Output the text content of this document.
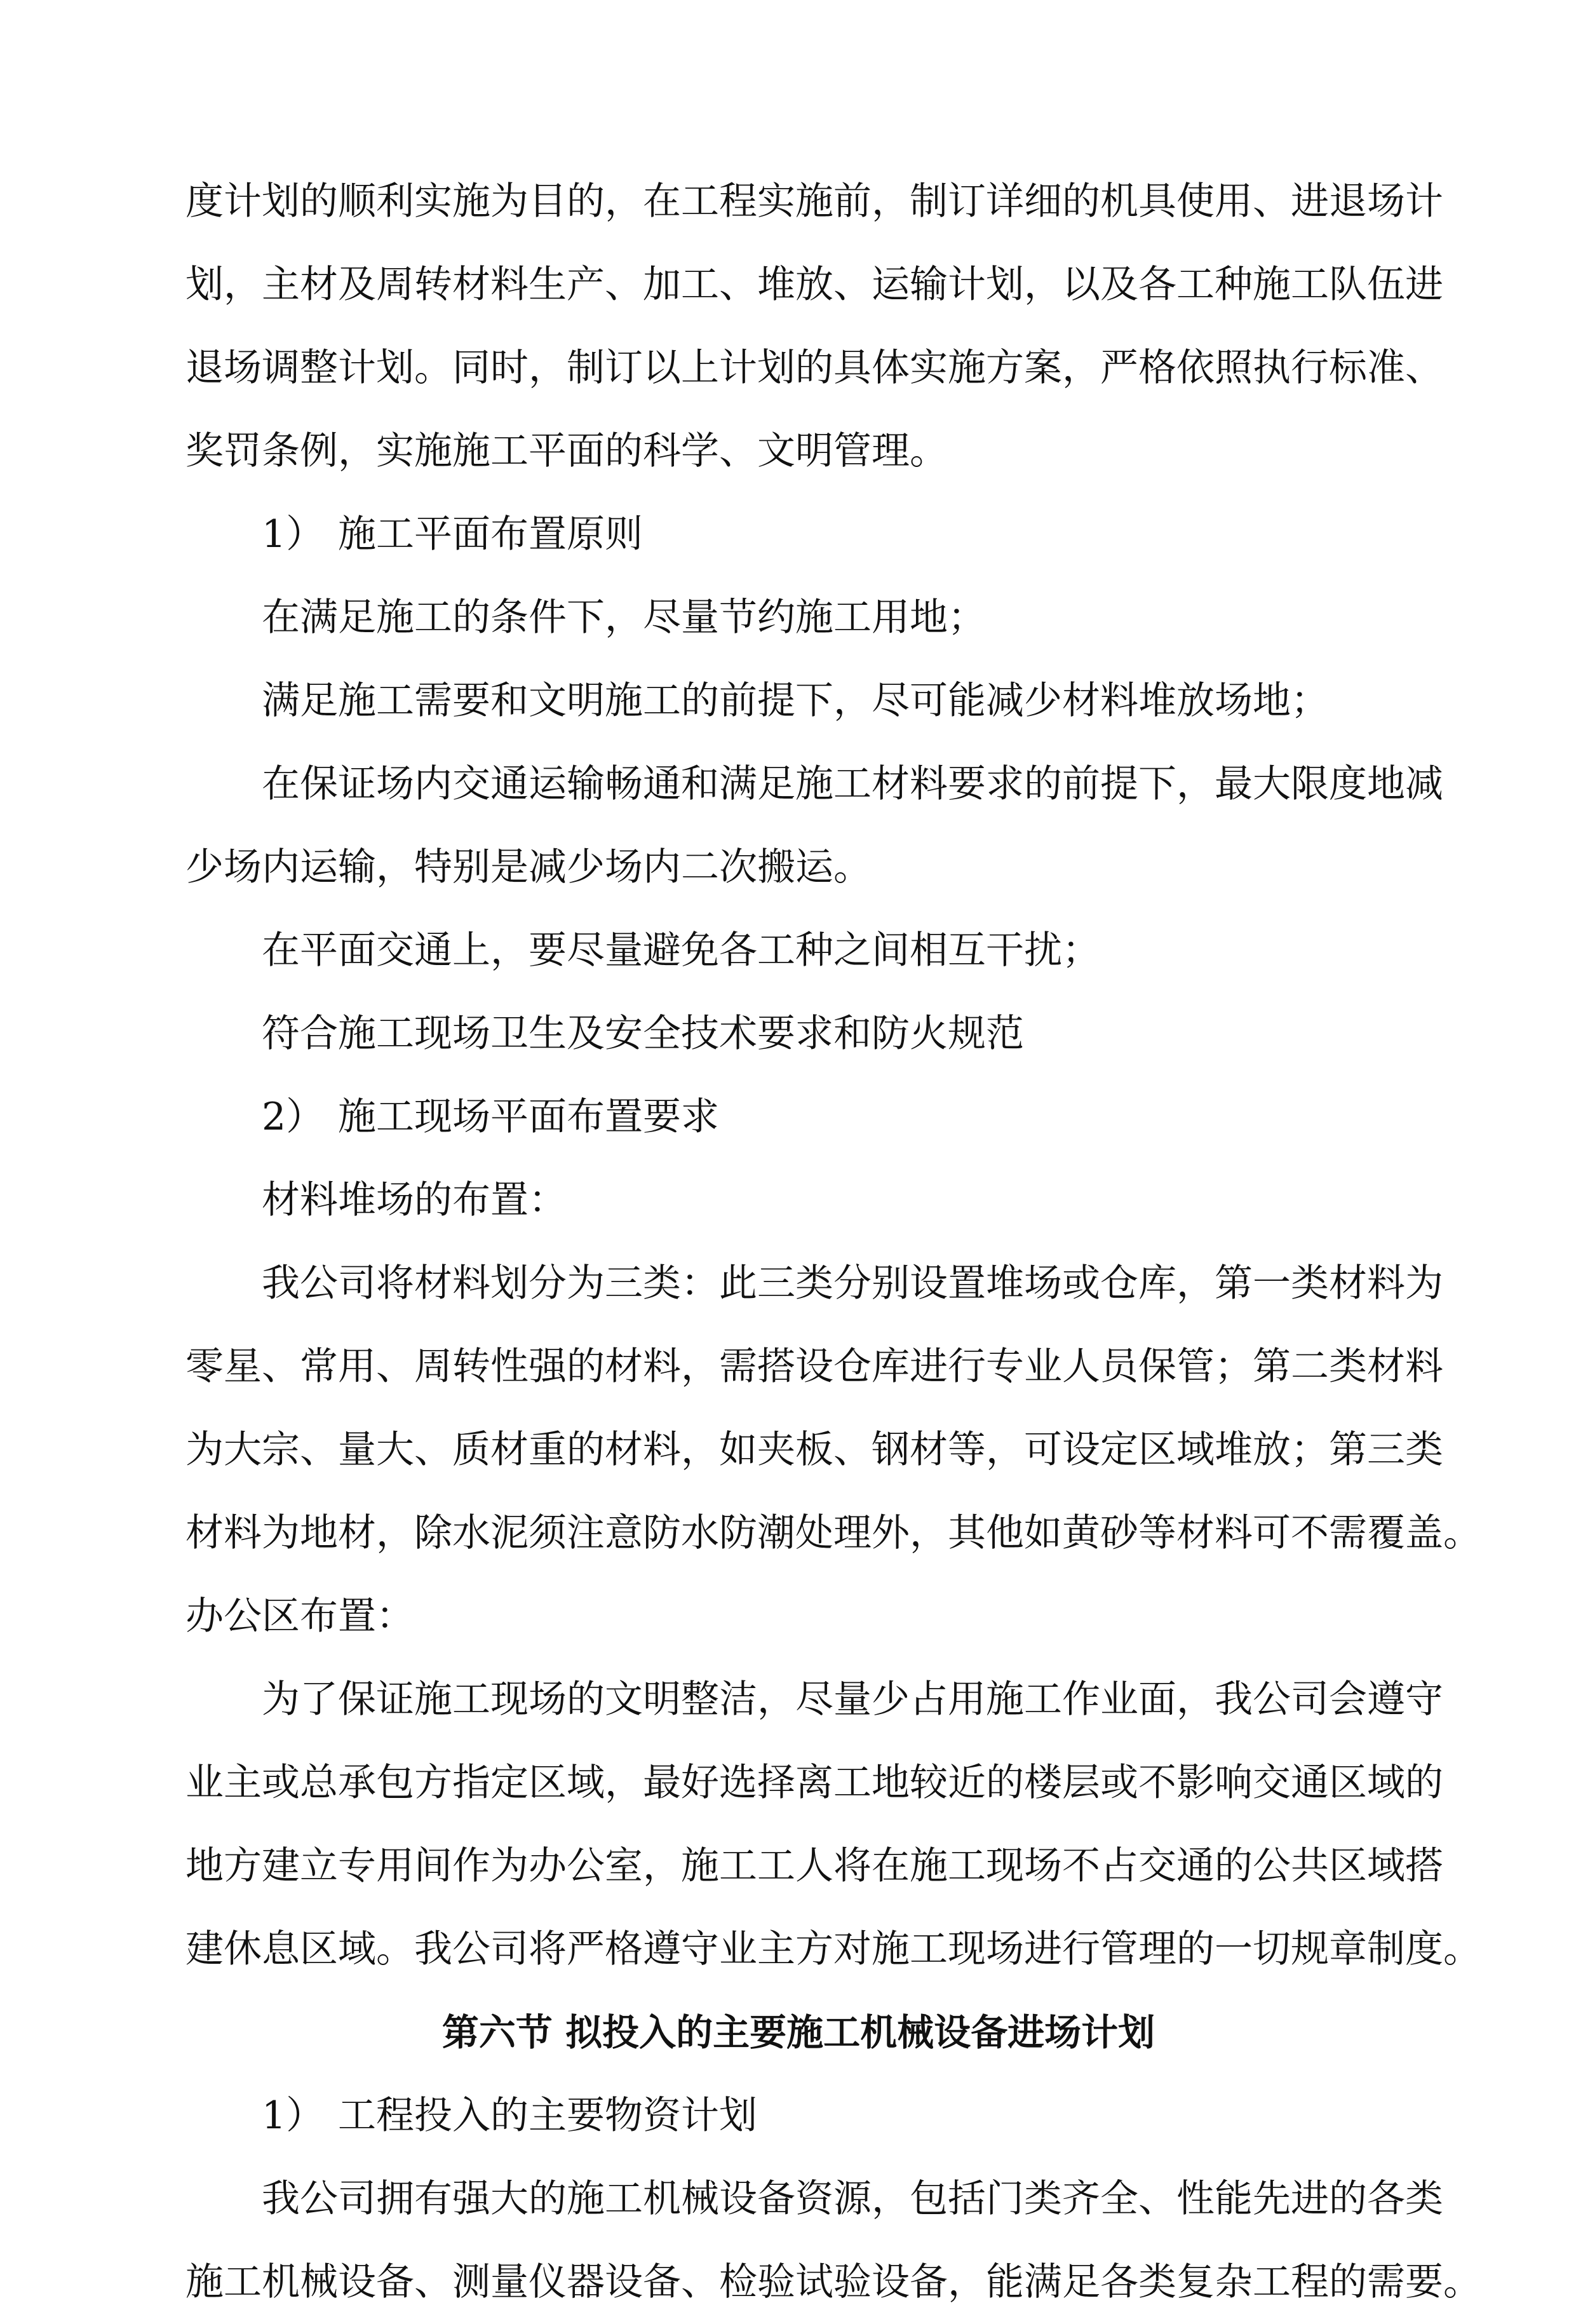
度计划的顺利实施为目的，在工程实施前，制订详细的机具使用、进退场计
划，主材及周转材料生产、加工、堆放、运输计划，以及各工种施工队伍进
退场调整计划。同时，制订以上计划的具体实施方案，严格依照执行标准、
奖罚条例，实施施工平面的科学、文明管理。
1） 施工平面布置原则
在满足施工的条件下，尽量节约施工用地；
满足施工需要和文明施工的前提下，尽可能减少材料堆放场地；
在保证场内交通运输畅通和满足施工材料要求的前提下，最大限度地减
少场内运输，特别是减少场内二次搬运。
在平面交通上，要尽量避免各工种之间相互干扰；
符合施工现场卫生及安全技术要求和防火规范
2） 施工现场平面布置要求
材料堆场的布置：
我公司将材料划分为三类：此三类分别设置堆场或仓库，第一类材料为
零星、常用、周转性强的材料，需搭设仓库进行专业人员保管；第二类材料
为大宗、量大、质材重的材料，如夹板、钢材等，可设定区域堆放；第三类
材料为地材，除水泥须注意防水防潮处理外，其他如黄砂等材料可不需覆盖。
办公区布置：
为了保证施工现场的文明整洁，尽量少占用施工作业面，我公司会遵守
业主或总承包方指定区域，最好选择离工地较近的楼层或不影响交通区域的
地方建立专用间作为办公室，施工工人将在施工现场不占交通的公共区域搭
建休息区域。我公司将严格遵守业主方对施工现场进行管理的一切规章制度。
第六节 拟投入的主要施工机械设备进场计划
1） 工程投入的主要物资计划
我公司拥有强大的施工机械设备资源，包括门类齐全、性能先进的各类
施工机械设备、测量仪器设备、检验试验设备，能满足各类复杂工程的需要。
